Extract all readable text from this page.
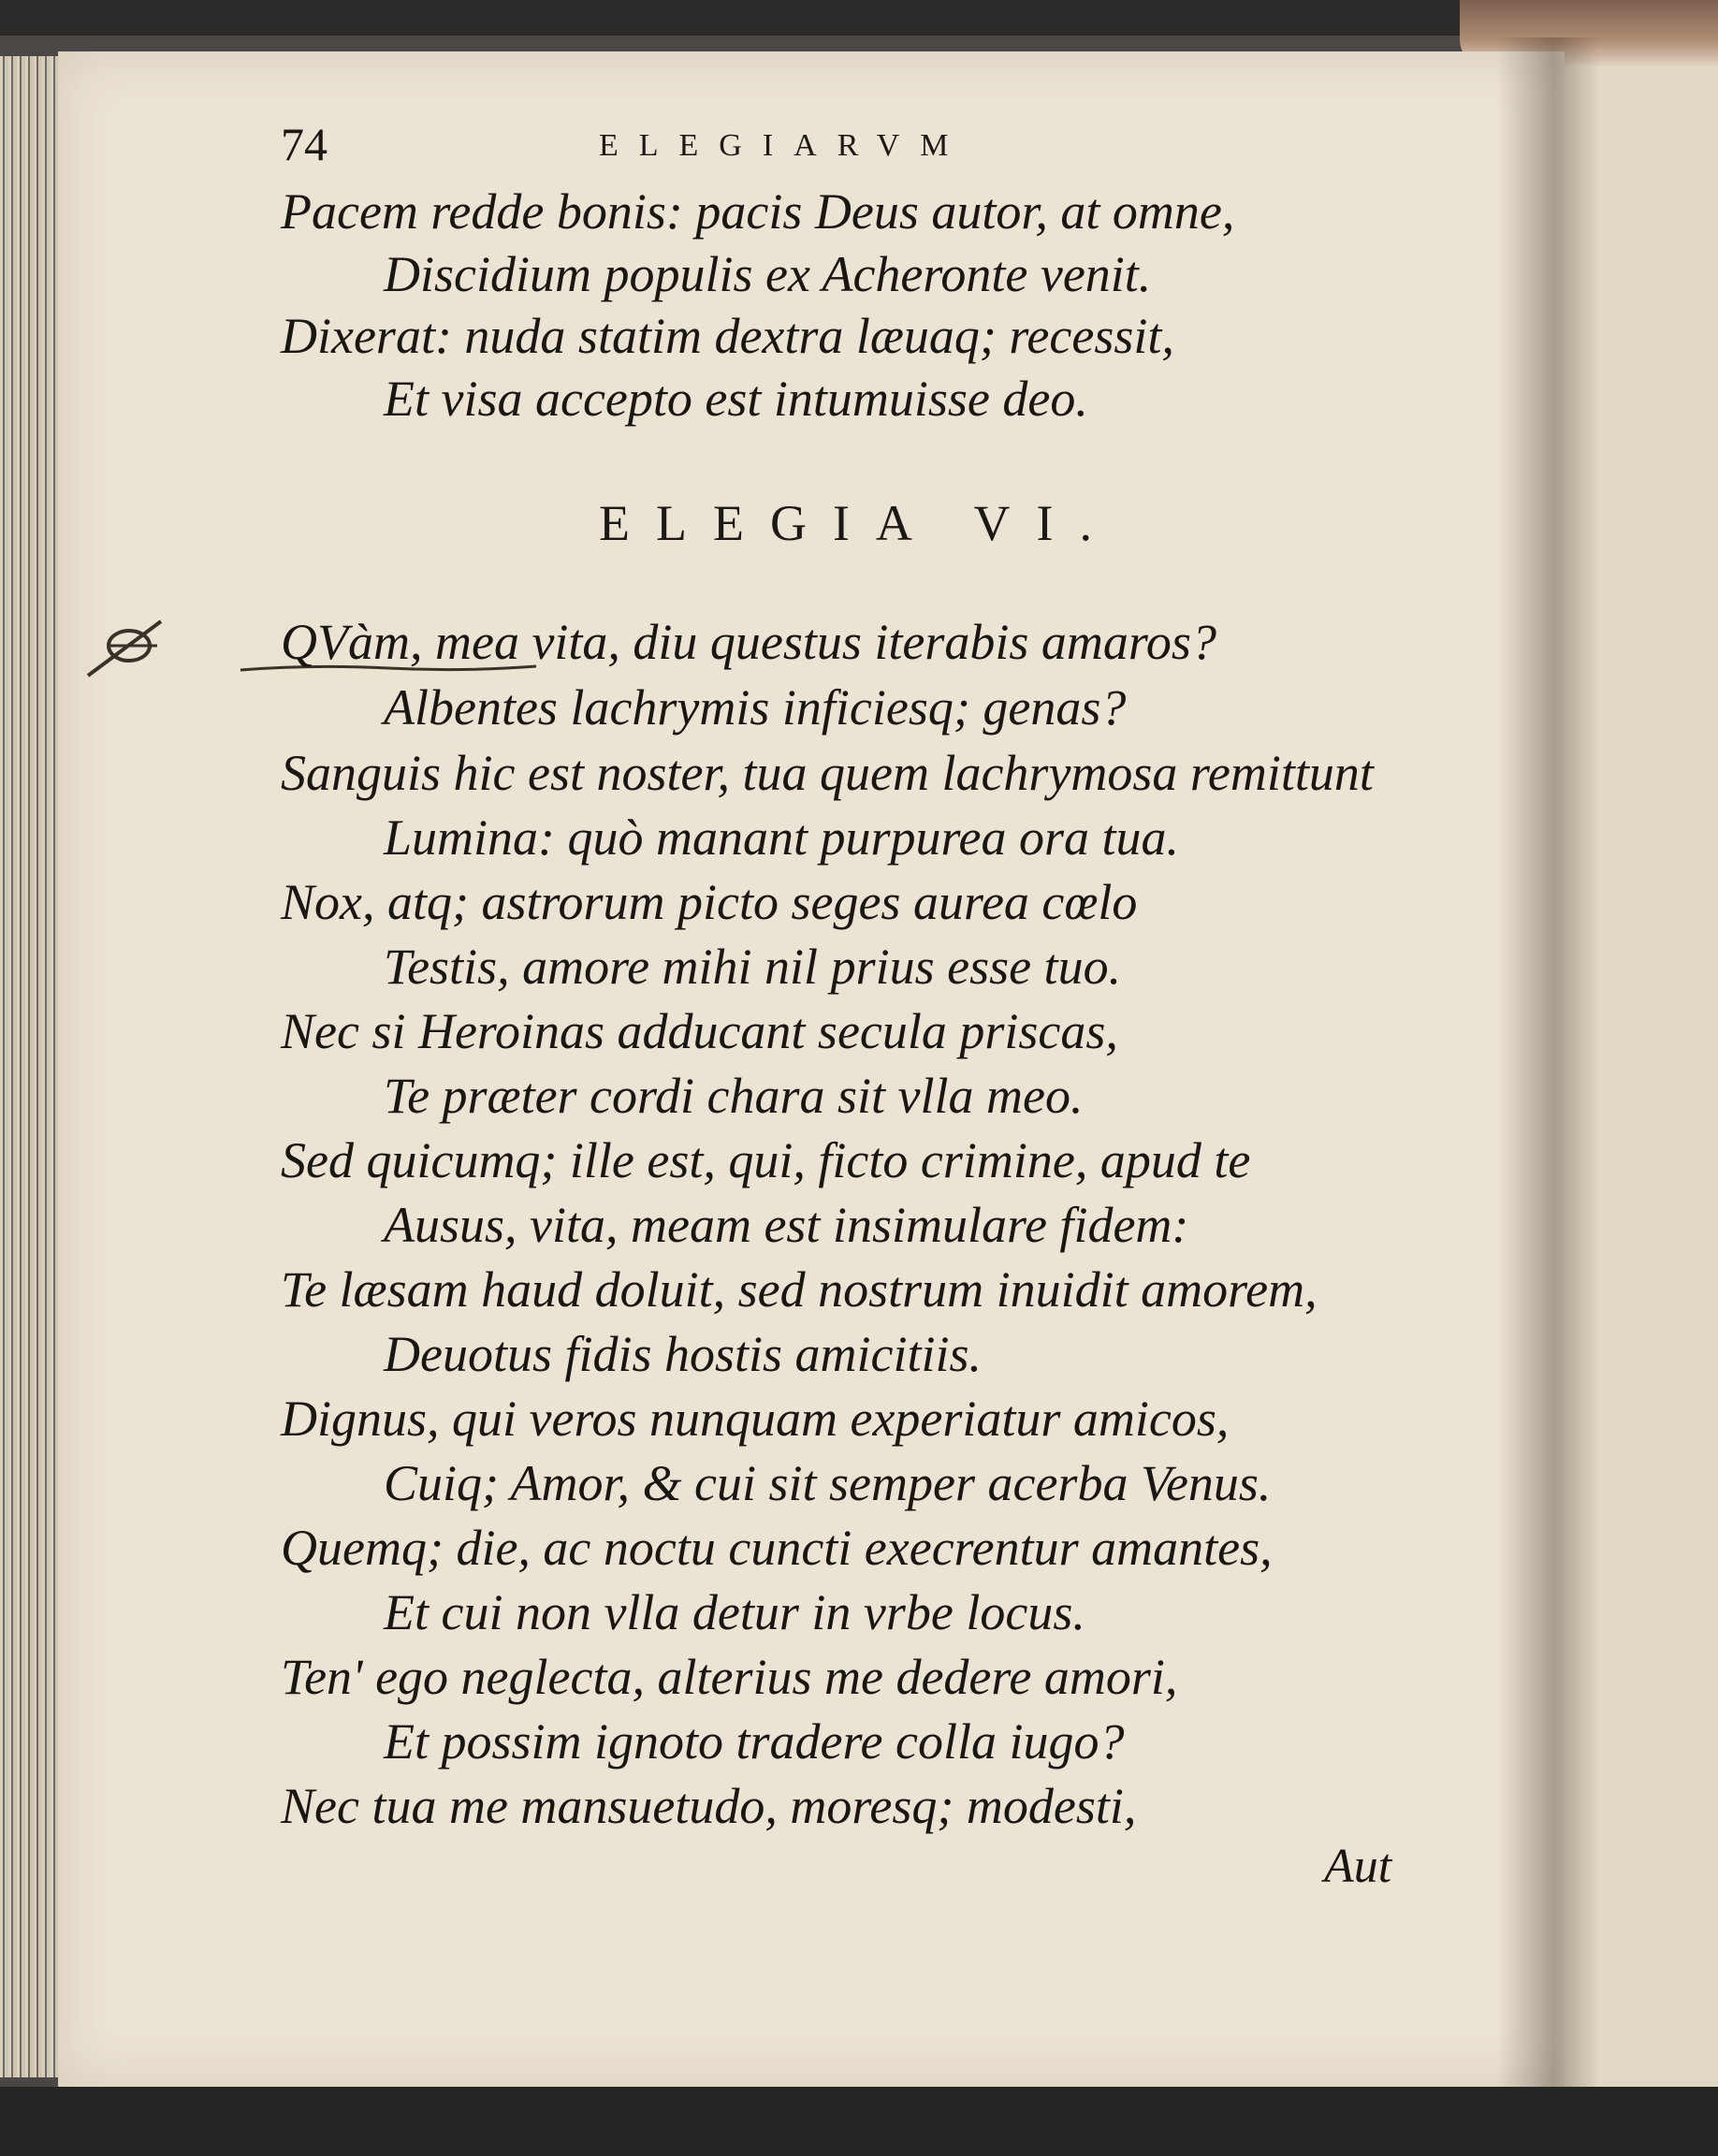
74	ELEGIARVM
Pacem redde bonis: pacis Deus autor, at omne,
Discidium populis ex Acheronte venit.
Dixerat: nuda statim dextra læuaq; recessit,
Et visa accepto est intumuisse deo.
ELEGIA VI.
QVàm, mea vita, diu questus iterabis amaros?
Albentes lachrymis inficiesq; genas?
Sanguis hic est noster, tua quem lachrymosa remittunt
Lumina: quò manant purpurea ora tua.
Nox, atq; astrorum picto seges aurea cœlo
Testis, amore mihi nil prius esse tuo.
Nec si Heroinas adducant secula priscas,
Te præter cordi chara sit vlla meo.
Sed quicumq; ille est, qui, ficto crimine, apud te
Ausus, vita, meam est insimulare fidem:
Te læsam haud doluit, sed nostrum inuidit amorem,
Deuotus fidis hostis amicitiis.
Dignus, qui veros nunquam experiatur amicos,
Cuiq; Amor, & cui sit semper acerba Venus.
Quemq; die, ac noctu cuncti execrentur amantes,
Et cui non vlla detur in vrbe locus.
Ten' ego neglecta, alterius me dedere amori,
Et possim ignoto tradere colla iugo?
Nec tua me mansuetudo, moresq; modesti,
Aut
